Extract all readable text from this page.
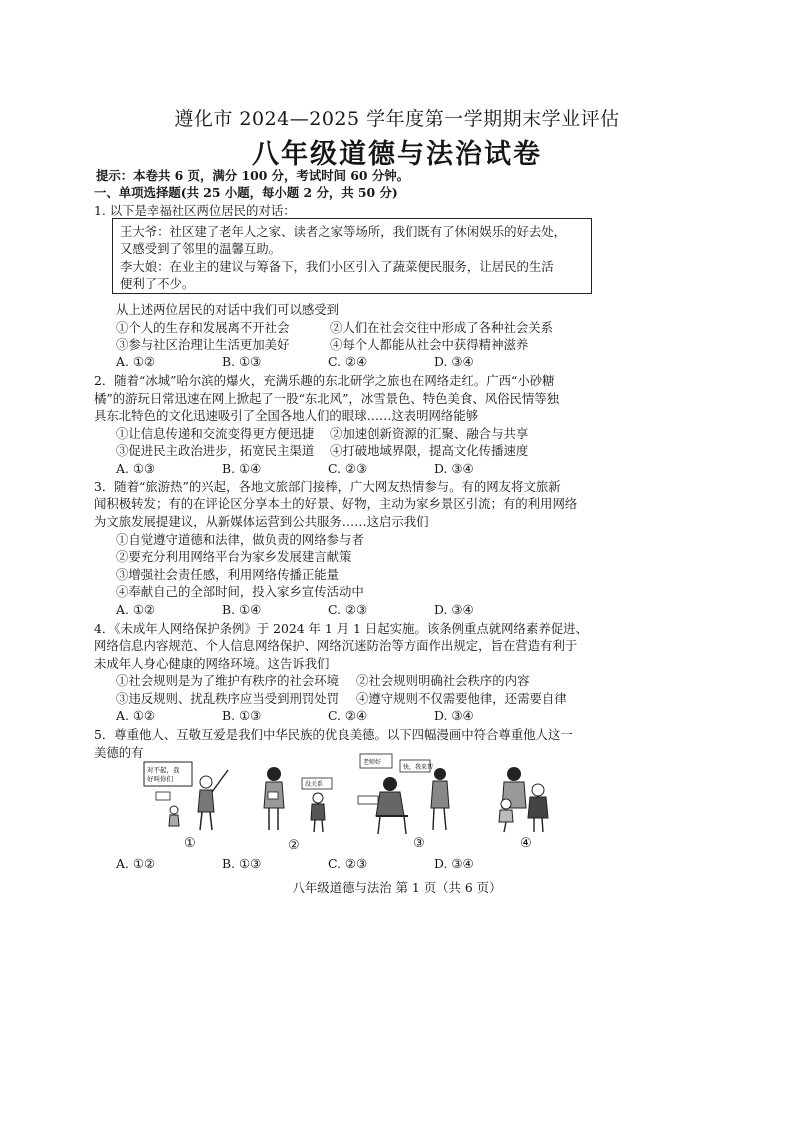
遵化市 2024—2025 学年度第一学期期末学业评估
八年级道德与法治试卷
提示：本卷共 6 页，满分 100 分，考试时间 60 分钟。
一、单项选择题(共 25 小题，每小题 2 分，共 50 分)
1. 以下是幸福社区两位居民的对话：
王大爷：社区建了老年人之家、读者之家等场所，我们既有了休闲娱乐的好去处，
又感受到了邻里的温馨互助。
李大娘：在业主的建议与筹备下，我们小区引入了蔬菜便民服务，让居民的生活
便利了不少。
从上述两位居民的对话中我们可以感受到
①个人的生存和发展离不开社会	②人们在社会交往中形成了各种社会关系
③参与社区治理让生活更加美好	④每个人都能从社会中获得精神滋养
A. ①②	B. ①③	C. ②④	D. ③④
2．随着“冰城”哈尔滨的爆火，充满乐趣的东北研学之旅也在网络走红。广西“小砂糖
橘”的游玩日常迅速在网上掀起了一股“东北风”，冰雪景色、特色美食、风俗民情等独
具东北特色的文化迅速吸引了全国各地人们的眼球……这表明网络能够
①让信息传递和交流变得更方便迅捷 ②加速创新资源的汇聚、融合与共享
③促进民主政治进步，拓宽民主渠道 ④打破地域界限，提高文化传播速度
A. ①③	B. ①④	C. ②③	D. ③④
3．随着“旅游热”的兴起，各地文旅部门接棒，广大网友热情参与。有的网友将文旅新
闻积极转发；有的在评论区分享本土的好景、好物，主动为家乡景区引流；有的利用网络
为文旅发展提建议，从新媒体运营到公共服务……这启示我们
①自觉遵守道德和法律，做负责的网络参与者
②要充分利用网络平台为家乡发展建言献策
③增强社会责任感，利用网络传播正能量
④奉献自己的全部时间，投入家乡宣传活动中
A. ①②	B. ①④	C. ②③	D. ③④
4．《未成年人网络保护条例》于 2024 年 1 月 1 日起实施。该条例重点就网络素养促进、
网络信息内容规范、个人信息网络保护、网络沉迷防治等方面作出规定，旨在营造有利于
未成年人身心健康的网络环境。这告诉我们
①社会规则是为了维护有秩序的社会环境 ②社会规则明确社会秩序的内容
③违反规则、扰乱秩序应当受到刑罚处罚 ④遵守规则不仅需要他律，还需要自律
A. ①②	B. ①③	C. ②④	D. ③④
5．尊重他人、互敬互爱是我们中华民族的优良美德。以下四幅漫画中符合尊重他人这一
美德的有
对不起，我
好叫你们
①
没关系
②
老师好
快，我来帮
③	④
A. ①②	B. ①③	C. ②③	D. ③④
八年级道德与法治 第 1 页（共 6 页）
